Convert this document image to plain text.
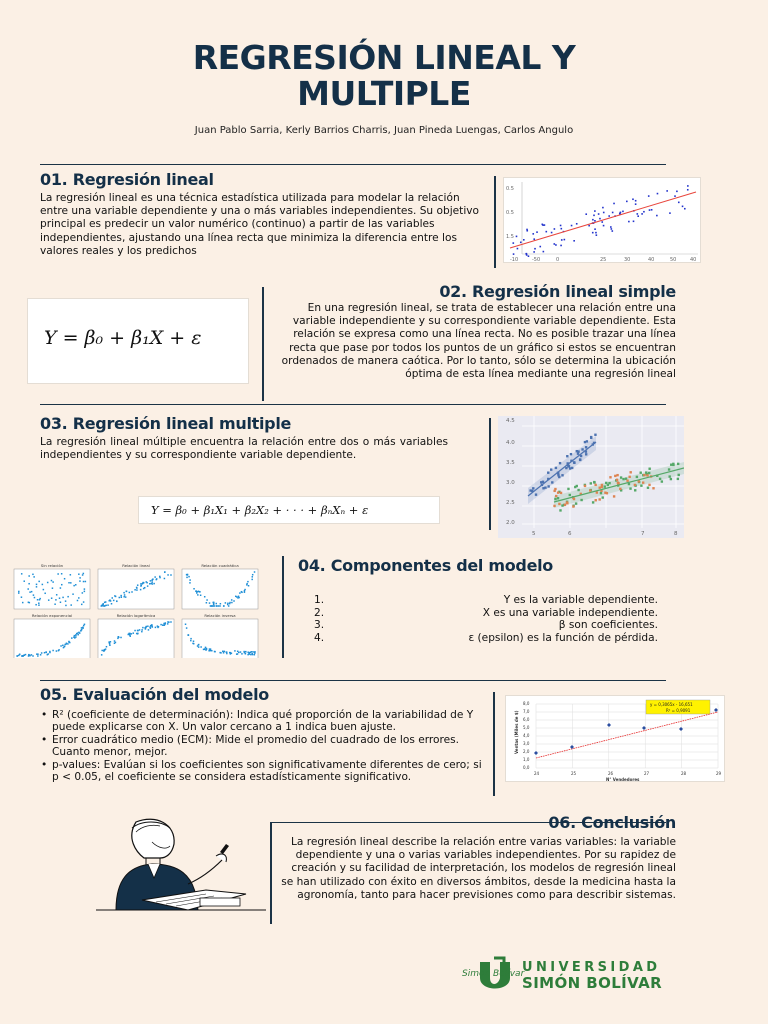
REGRESIÓN LINEAL Y
MULTIPLE
Juan Pablo Sarria, Kerly Barrios Charris, Juan Pineda Luengas, Carlos Angulo
01. Regresión lineal
La regresión lineal es una técnica estadística utilizada para modelar la relación entre una variable dependiente y una o más variables independientes. Su objetivo principal es predecir un valor numérico (continuo) a partir de las variables independientes, ajustando una línea recta que minimiza la diferencia entre los valores reales y los predichos
0.5
0.5
1.5
-10	-50	0	25	30	40	50	40
Y = β₀ + β₁X + ε
02. Regresión lineal simple
En una regresión lineal, se trata de establecer una relación entre una variable independiente y su correspondiente variable dependiente. Esta relación se expresa como una línea recta. No es posible trazar una línea recta que pase por todos los puntos de un gráfico si estos se encuentran ordenados de manera caótica. Por lo tanto, sólo se determina la ubicación óptima de esta línea mediante una regresión lineal
03. Regresión lineal multiple
La regresión lineal múltiple encuentra la relación entre dos o más variables independientes y su correspondiente variable dependiente.
Y = β₀ + β₁X₁ + β₂X₂ + · · · + βₙXₙ + ε
4.5
4.0
3.5
3.0
2.5
2.0
5	6	7	8
Sin relación	Relación lineal	Relación cuadrática
Relación exponencial	Relación logarítmica	Relación inversa
04. Componentes del modelo
1.	Y es la variable dependiente.
2.	X es una variable independiente.
3.	β son coeficientes.
4.	ε (epsilon) es la función de pérdida.
05. Evaluación del modelo
• R² (coeficiente de determinación): Indica qué proporción de la variabilidad de Y puede explicarse con X. Un valor cercano a 1 indica buen ajuste.
• Error cuadrático medio (ECM): Mide el promedio del cuadrado de los errores. Cuanto menor, mejor.
• p-values: Evalúan si los coeficientes son significativamente diferentes de cero; si p < 0.05, el coeficiente se considera estadísticamente significativo.
8,0
7,0
6,0
5,0
4,0
3,0
2,0
1,0
0,0
24	25	26	27	28	29
N° Vendedores
Ventas (Miles de $)
y = 0,3065x - 16,651
R² = 0,9091
06. Conclusión
La regresión lineal describe la relación entre varias variables: la variable dependiente y una o varias variables independientes. Por su rapidez de creación y su facilidad de interpretación, los modelos de regresión lineal se han utilizado con éxito en diversos ámbitos, desde la medicina hasta la agronomía, tanto para hacer previsiones como para describir sistemas.
Simón Bolívar
UNIVERSIDAD
SIMÓN BOLÍVAR
